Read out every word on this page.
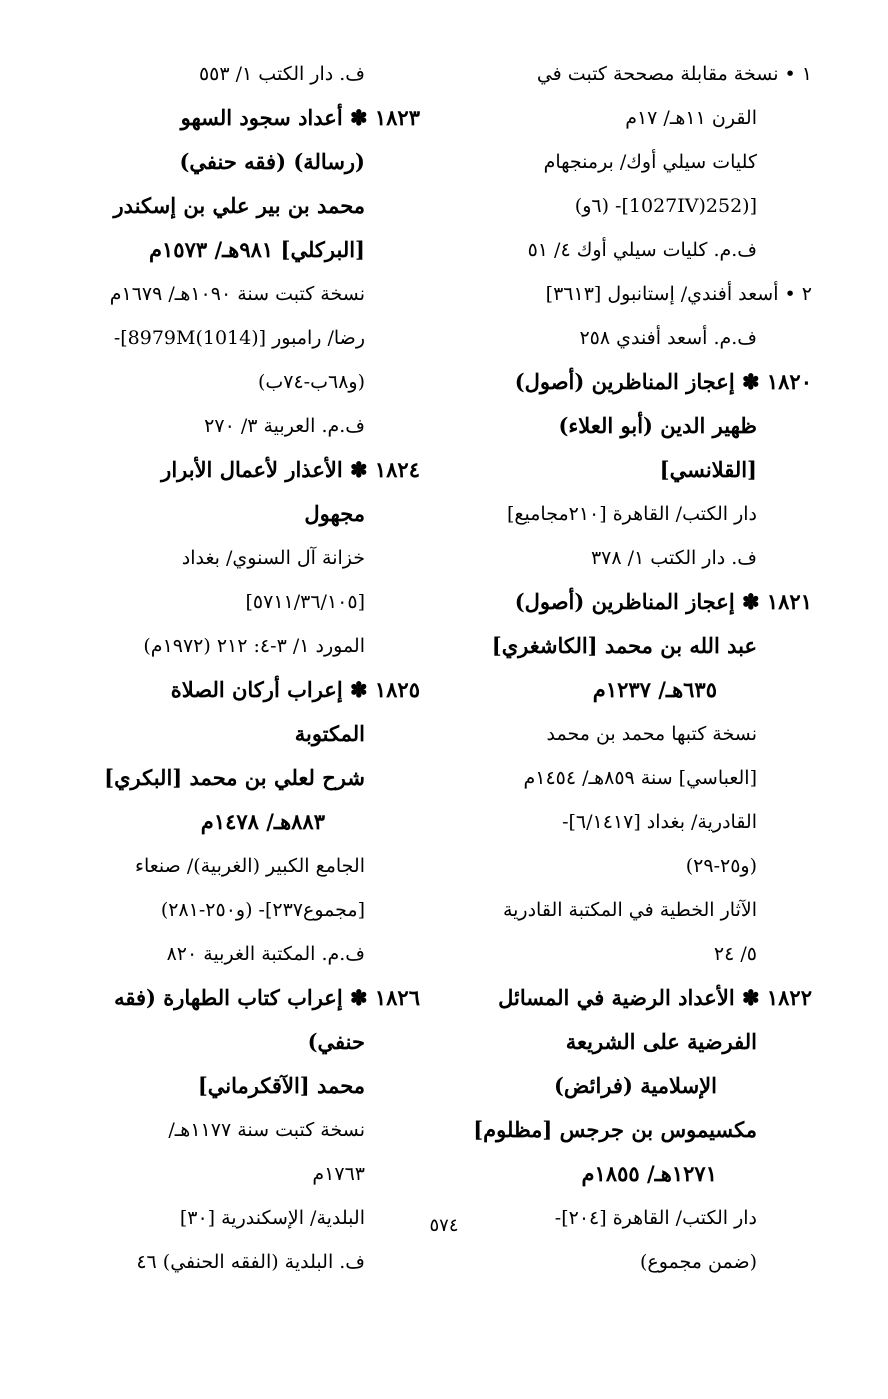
١ • نسخة مقابلة مصححة كتبت في
القرن ١١هـ/ ١٧م
كليات سيلي أوك/ برمنجهام
[(252(1027IV]- (٦و)
ف.م. كليات سيلي أوك ٤/ ٥١
٢ • أسعد أفندي/ إستانبول [٣٦١٣]
ف.م. أسعد أفندي ٢٥٨
١٨٢٠ ✽ إعجاز المناظرين (أصول)
ظهير الدين (أبو العلاء)
[القلانسي]
دار الكتب/ القاهرة [٢١٠مجاميع]
ف. دار الكتب ١/ ٣٧٨
١٨٢١ ✽ إعجاز المناظرين (أصول)
عبد الله بن محمد [الكاشغري]
٦٣٥هـ/ ١٢٣٧م
نسخة كتبها محمد بن محمد
[العباسي] سنة ٨٥٩هـ/ ١٤٥٤م
القادرية/ بغداد [٦/١٤١٧]-
(و٢٥-٢٩)
الآثار الخطية في المكتبة القادرية
٥/ ٢٤
١٨٢٢ ✽ الأعداد الرضية في المسائل
الفرضية على الشريعة
الإسلامية (فرائض)
مكسيموس بن جرجس [مظلوم]
١٢٧١هـ/ ١٨٥٥م
دار الكتب/ القاهرة [٢٠٤]-
(ضمن مجموع)
ف. دار الكتب ١/ ٥٥٣
١٨٢٣ ✽ أعداد سجود السهو
(رسالة) (فقه حنفي)
محمد بن بير علي بن إسكندر
[البركلي] ٩٨١هـ/ ١٥٧٣م
نسخة كتبت سنة ١٠٩٠هـ/ ١٦٧٩م
رضا/ رامبور [(8979M(1014]-
(و٦٨ب-٧٤ب)
ف.م. العربية ٣/ ٢٧٠
١٨٢٤ ✽ الأعذار لأعمال الأبرار
مجهول
خزانة آل السنوي/ بغداد
[٥٧١١/٣٦/١٠٥]
المورد ١/ ٣-٤: ٢١٢ (١٩٧٢م)
١٨٢٥ ✽ إعراب أركان الصلاة
المكتوبة
شرح لعلي بن محمد [البكري]
٨٨٣هـ/ ١٤٧٨م
الجامع الكبير (الغربية)/ صنعاء
[مجموع٢٣٧]- (و٢٥٠-٢٨١)
ف.م. المكتبة الغربية ٨٢٠
١٨٢٦ ✽ إعراب كتاب الطهارة (فقه
حنفي)
محمد [الآقكرماني]
نسخة كتبت سنة ١١٧٧هـ/
١٧٦٣م
البلدية/ الإسكندرية [٣٠]
ف. البلدية (الفقه الحنفي) ٤٦
٥٧٤
